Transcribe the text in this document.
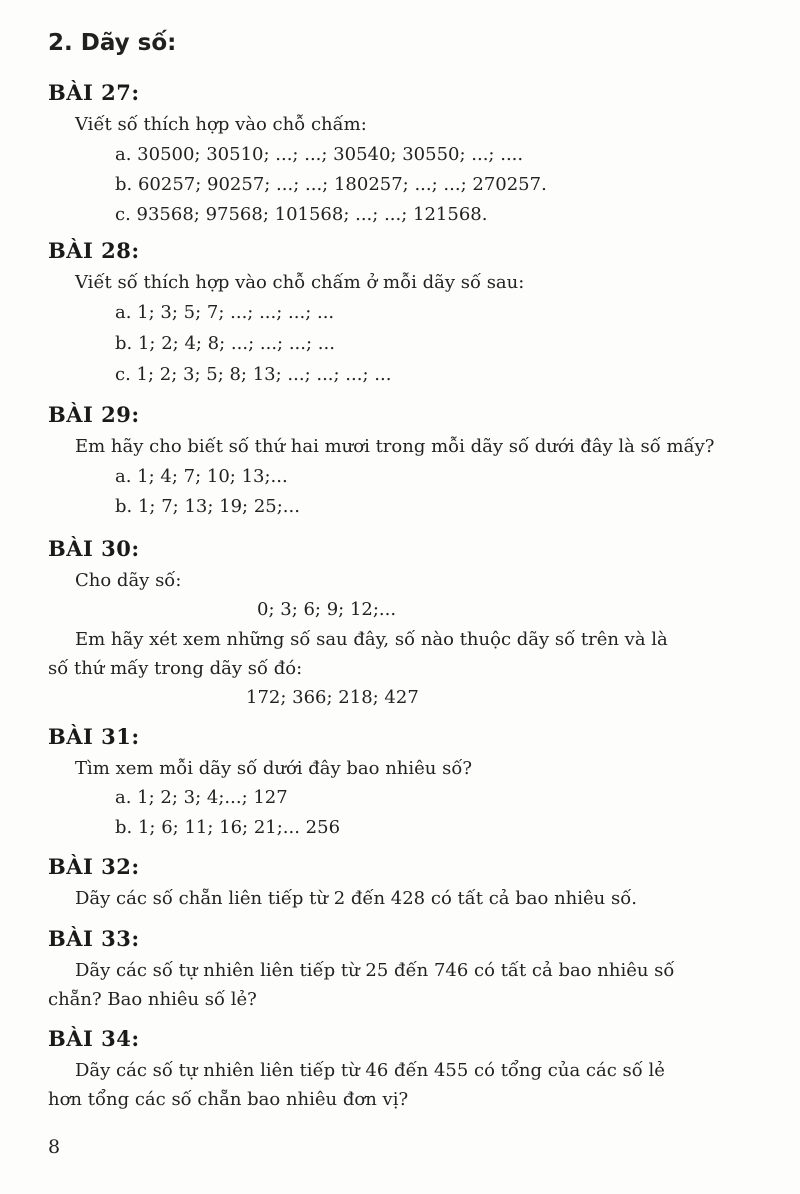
2. Dãy số:
BÀI 27:
Viết số thích hợp vào chỗ chấm:
a. 30500; 30510; ...; ...; 30540; 30550; ...; ....
b. 60257; 90257; ...; ...; 180257; ...; ...; 270257.
c. 93568; 97568; 101568; ...; ...; 121568.
BÀI 28:
Viết số thích hợp vào chỗ chấm ở mỗi dãy số sau:
a. 1; 3; 5; 7; ...; ...; ...; ...
b. 1; 2; 4; 8; ...; ...; ...; ...
c. 1; 2; 3; 5; 8; 13; ...; ...; ...; ...
BÀI 29:
Em hãy cho biết số thứ hai mươi trong mỗi dãy số dưới đây là số mấy?
a. 1; 4; 7; 10; 13;...
b. 1; 7; 13; 19; 25;...
BÀI 30:
Cho dãy số:
0; 3; 6; 9; 12;...
Em hãy xét xem những số sau đây, số nào thuộc dãy số trên và là
số thứ mấy trong dãy số đó:
172; 366; 218; 427
BÀI 31:
Tìm xem mỗi dãy số dưới đây bao nhiêu số?
a. 1; 2; 3; 4;...; 127
b. 1; 6; 11; 16; 21;... 256
BÀI 32:
Dãy các số chẵn liên tiếp từ 2 đến 428 có tất cả bao nhiêu số.
BÀI 33:
Dãy các số tự nhiên liên tiếp từ 25 đến 746 có tất cả bao nhiêu số
chẵn? Bao nhiêu số lẻ?
BÀI 34:
Dãy các số tự nhiên liên tiếp từ 46 đến 455 có tổng của các số lẻ
hơn tổng các số chẵn bao nhiêu đơn vị?
8
